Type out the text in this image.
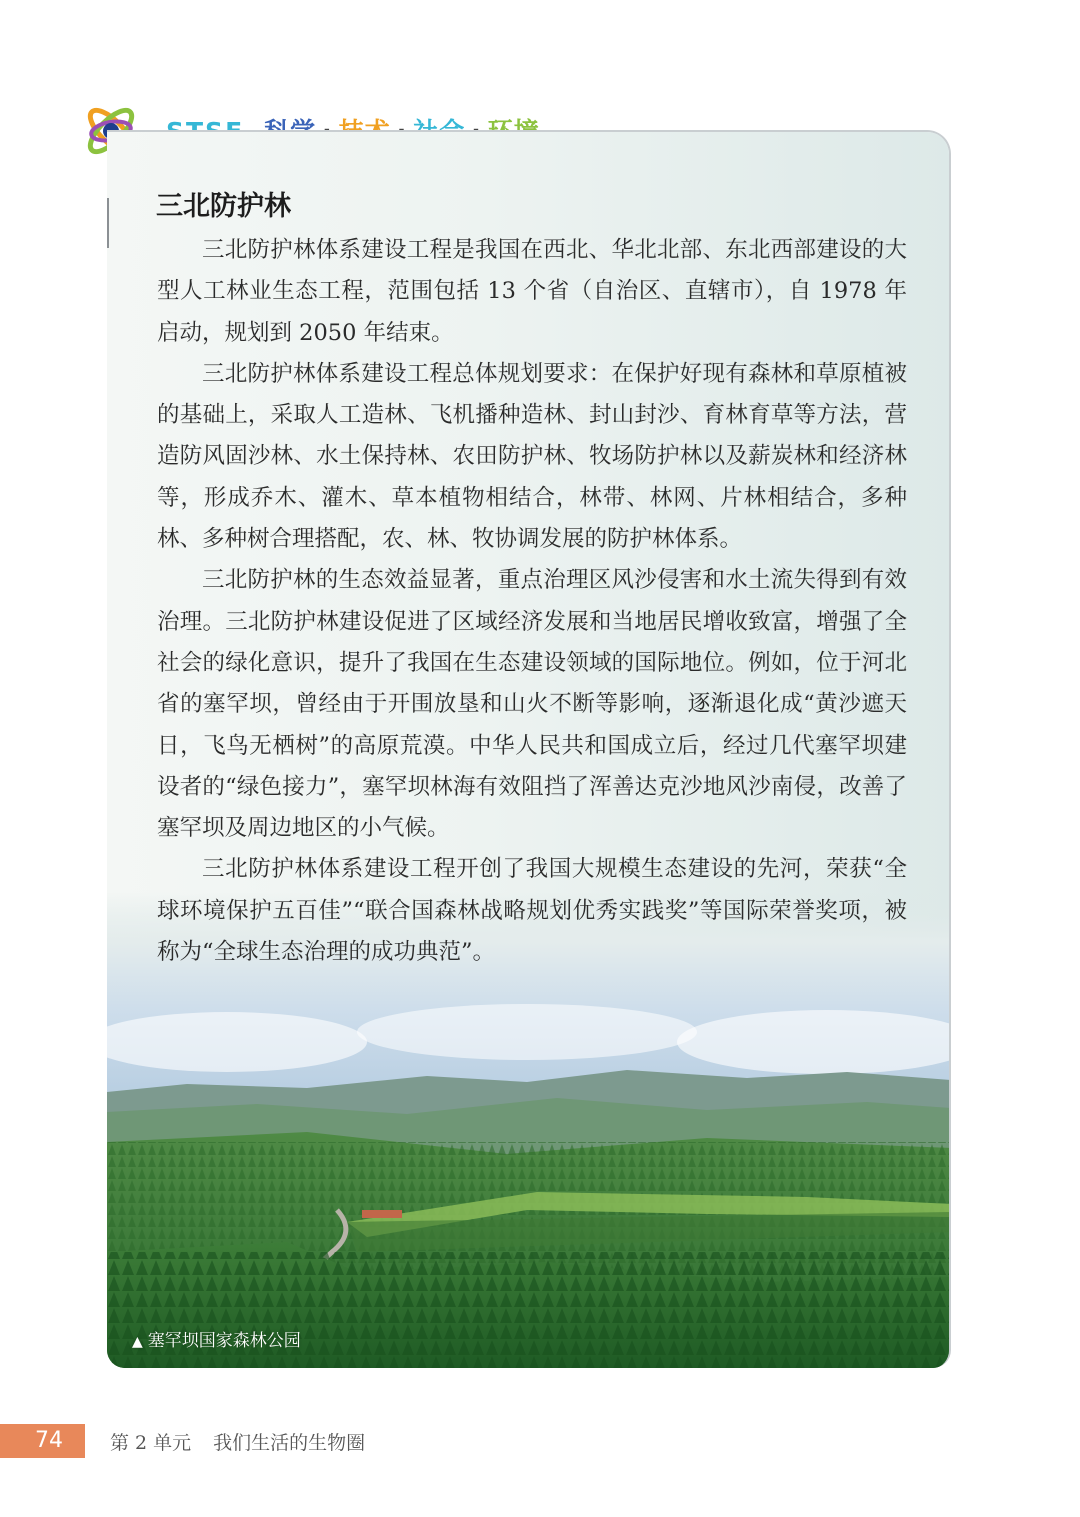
三北防护林

三北防护林体系建设工程是我国在西北、华北北部、东北西部建设的大型人工林业生态工程，范围包括 13 个省（自治区、直辖市），自 1978 年启动，规划到 2050 年结束。

三北防护林体系建设工程总体规划要求：在保护好现有森林和草原植被的基础上，采取人工造林、飞机播种造林、封山封沙、育林育草等方法，营造防风固沙林、水土保持林、农田防护林、牧场防护林以及薪炭林和经济林等，形成乔木、灌木、草本植物相结合，林带、林网、片林相结合，多种林、多种树合理搭配，农、林、牧协调发展的防护林体系。

三北防护林的生态效益显著，重点治理区风沙侵害和水土流失得到有效治理。三北防护林建设促进了区域经济发展和当地居民增收致富，增强了全社会的绿化意识，提升了我国在生态建设领域的国际地位。例如，位于河北省的塞罕坝，曾经由于开围放垦和山火不断等影响，逐渐退化成“黄沙遮天日，飞鸟无栖树”的高原荒漠。中华人民共和国成立后，经过几代塞罕坝建设者的“绿色接力”，塞罕坝林海有效阻挡了浑善达克沙地风沙南侵，改善了塞罕坝及周边地区的小气候。

三北防护林体系建设工程开创了我国大规模生态建设的先河，荣获“全球环境保护五百佳”“联合国森林战略规划优秀实践奖”等国际荣誉奖项，被称为“全球生态治理的成功典范”。

▲ 塞罕坝国家森林公园
74	第 2 单元 我们生活的生物圈
